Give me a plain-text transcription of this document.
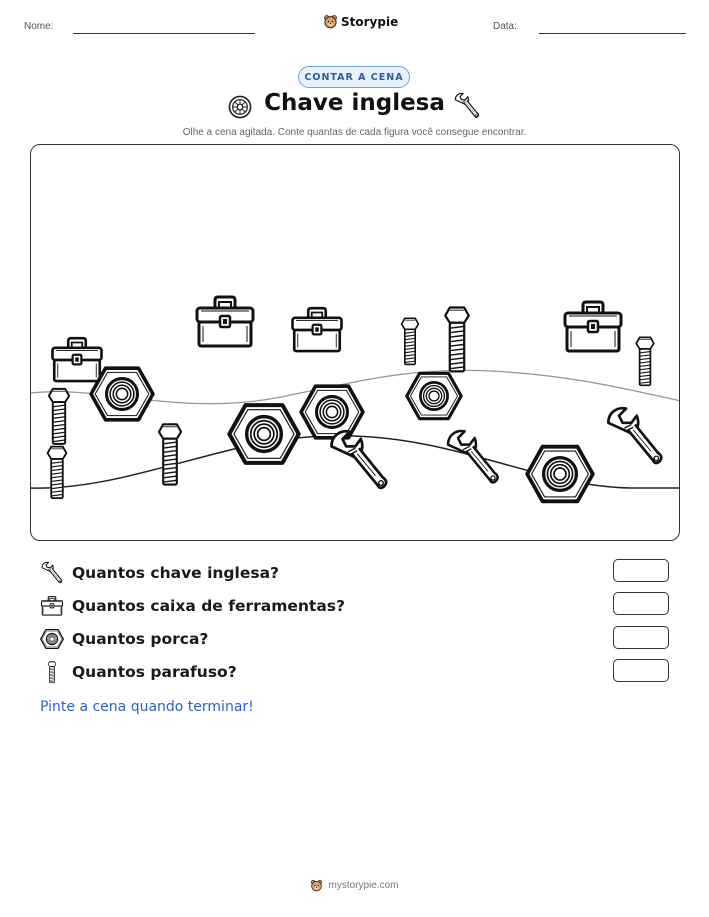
Nome:	Storypie	Data:
CONTAR A CENA
Chave inglesa
Olhe a cena agitada. Conte quantas de cada figura você consegue encontrar.
Quantos chave inglesa?
Quantos caixa de ferramentas?
Quantos porca?
Quantos parafuso?
Pinte a cena quando terminar!
mystorypie.com
